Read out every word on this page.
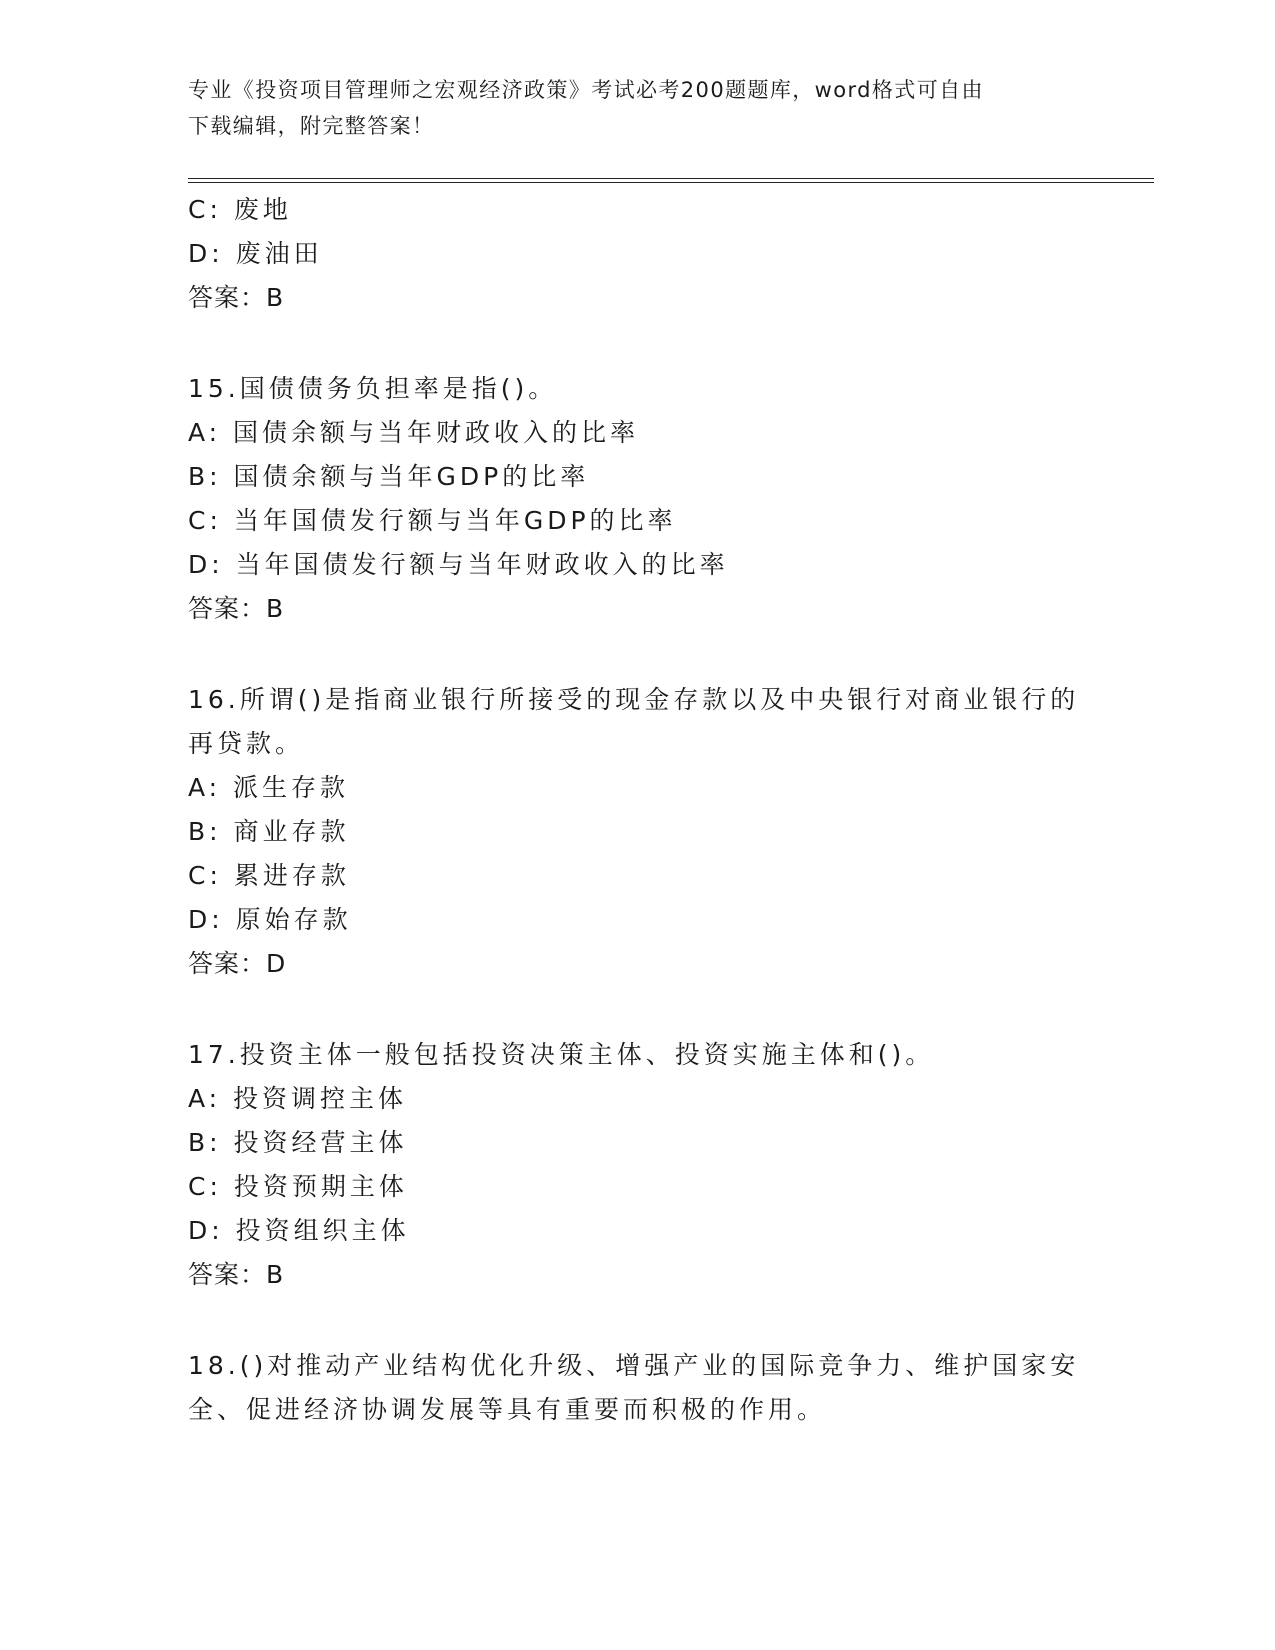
专业《投资项目管理师之宏观经济政策》考试必考200题题库，word格式可自由
下载编辑，附完整答案！
C: 废地
D: 废油田
答案：B
15.国债债务负担率是指()。
A: 国债余额与当年财政收入的比率
B: 国债余额与当年GDP的比率
C: 当年国债发行额与当年GDP的比率
D: 当年国债发行额与当年财政收入的比率
答案：B
16.所谓()是指商业银行所接受的现金存款以及中央银行对商业银行的
再贷款。
A: 派生存款
B: 商业存款
C: 累进存款
D: 原始存款
答案：D
17.投资主体一般包括投资决策主体、投资实施主体和()。
A: 投资调控主体
B: 投资经营主体
C: 投资预期主体
D: 投资组织主体
答案：B
18.()对推动产业结构优化升级、增强产业的国际竞争力、维护国家安
全、促进经济协调发展等具有重要而积极的作用。
